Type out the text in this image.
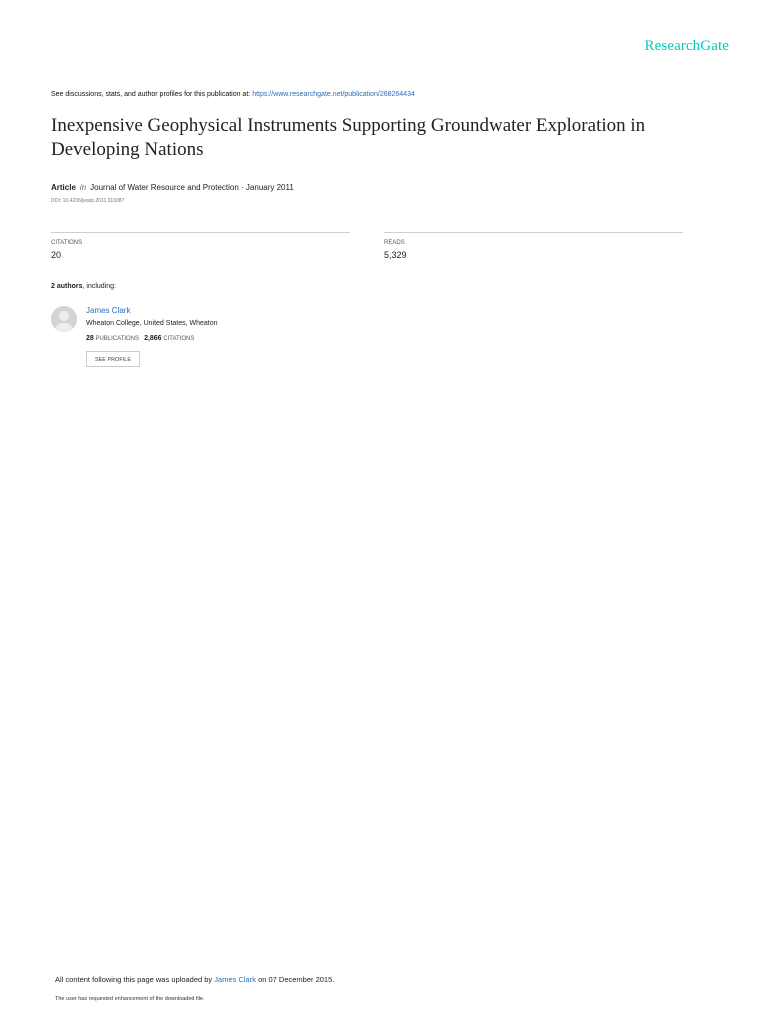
ResearchGate
See discussions, stats, and author profiles for this publication at: https://www.researchgate.net/publication/268264434
Inexpensive Geophysical Instruments Supporting Groundwater Exploration in Developing Nations
Article in Journal of Water Resource and Protection · January 2011
DOI: 10.4236/jwarp.2011.310087
CITATIONS
20
READS
5,329
2 authors, including:
James Clark
Wheaton College, United States, Wheaton
28 PUBLICATIONS 2,866 CITATIONS
SEE PROFILE
All content following this page was uploaded by James Clark on 07 December 2015.
The user has requested enhancement of the downloaded file.
